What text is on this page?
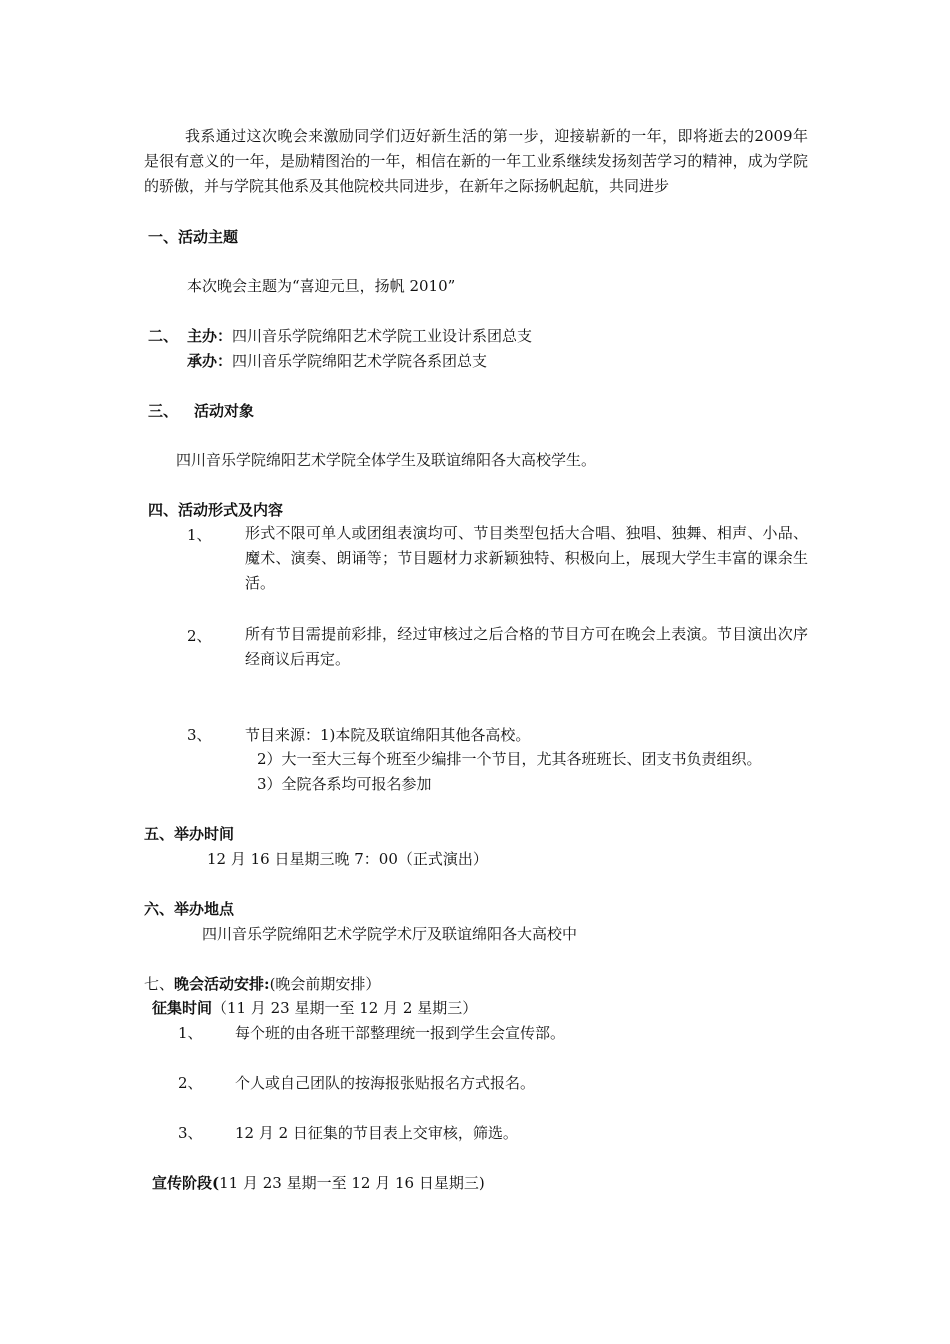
我系通过这次晚会来激励同学们迈好新生活的第一步，迎接崭新的一年，即将逝去的2009年是很有意义的一年，是励精图治的一年，相信在新的一年工业系继续发扬刻苦学习的精神，成为学院的骄傲，并与学院其他系及其他院校共同进步，在新年之际扬帆起航，共同进步

一、活动主题
本次晚会主题为“喜迎元旦，扬帆 2010”
二、 主办：四川音乐学院绵阳艺术学院工业设计系团总支
承办：四川音乐学院绵阳艺术学院各系团总支
三、 活动对象
四川音乐学院绵阳艺术学院全体学生及联谊绵阳各大高校学生。
四、活动形式及内容
1、 形式不限可单人或团组表演均可、节目类型包括大合唱、独唱、独舞、相声、小品、魔术、演奏、朗诵等；节目题材力求新颖独特、积极向上，展现大学生丰富的课余生活。
2、 所有节目需提前彩排，经过审核过之后合格的节目方可在晚会上表演。节目演出次序经商议后再定。
3、 节目来源：1)本院及联谊绵阳其他各高校。
2）大一至大三每个班至少编排一个节目，尤其各班班长、团支书负责组织。
3）全院各系均可报名参加
五、举办时间
12 月 16 日星期三晚 7：00（正式演出）
六、举办地点
四川音乐学院绵阳艺术学院学术厅及联谊绵阳各大高校中
七、晚会活动安排:(晚会前期安排）
征集时间（11 月 23 星期一至 12 月 2 星期三）
1、 每个班的由各班干部整理统一报到学生会宣传部。
2、 个人或自己团队的按海报张贴报名方式报名。
3、 12 月 2 日征集的节目表上交审核，筛选。
宣传阶段(11 月 23 星期一至 12 月 16 日星期三)
